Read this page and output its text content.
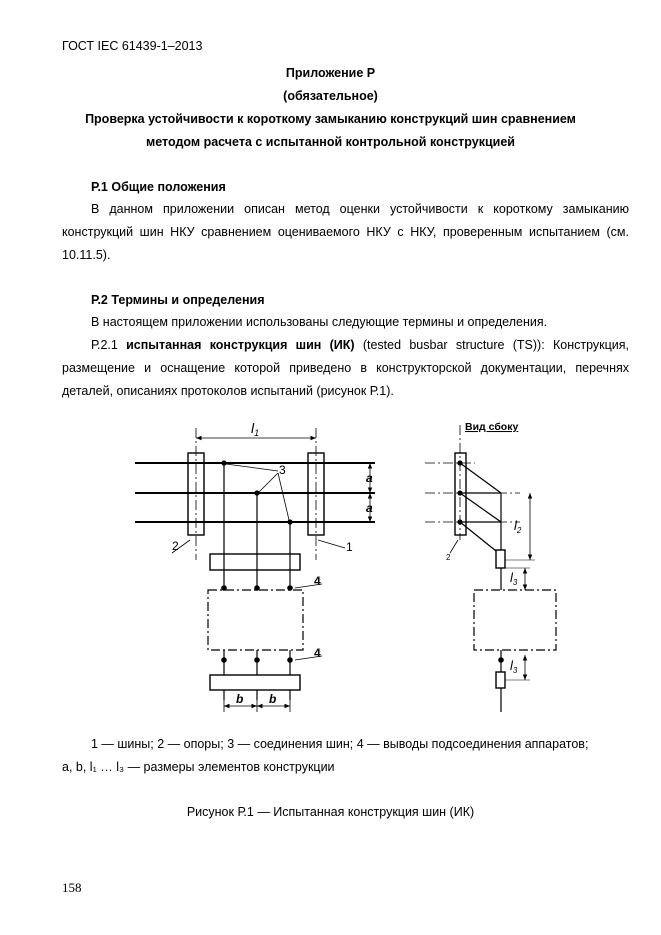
ГОСТ IEC 61439-1–2013
Приложение Р
(обязательное)
Проверка устойчивости к короткому замыканию конструкций шин сравнением
методом расчета с испытанной контрольной конструкцией
Р.1 Общие положения
В данном приложении описан метод оценки устойчивости к короткому замыканию конструкций шин НКУ сравнением оцениваемого НКУ с НКУ, проверенным испытанием (см. 10.11.5).
Р.2 Термины и определения
В настоящем приложении использованы следующие термины и определения.
Р.2.1 испытанная конструкция шин (ИК) (tested busbar structure (TS)): Конструкция, размещение и оснащение которой приведено в конструкторской документации, перечнях деталей, описаниях протоколов испытаний (рисунок Р.1).
$l_1$
3
a
a
1
2
4
4
b b
Вид сбоку
2
$l_2$
$l_3$
$l_3$
1 — шины; 2 — опоры; 3 — соединения шин; 4 — выводы подсоединения аппаратов;
a, b, l₁ … l₃ — размеры элементов конструкции
Рисунок Р.1 — Испытанная конструкция шин (ИК)
158
